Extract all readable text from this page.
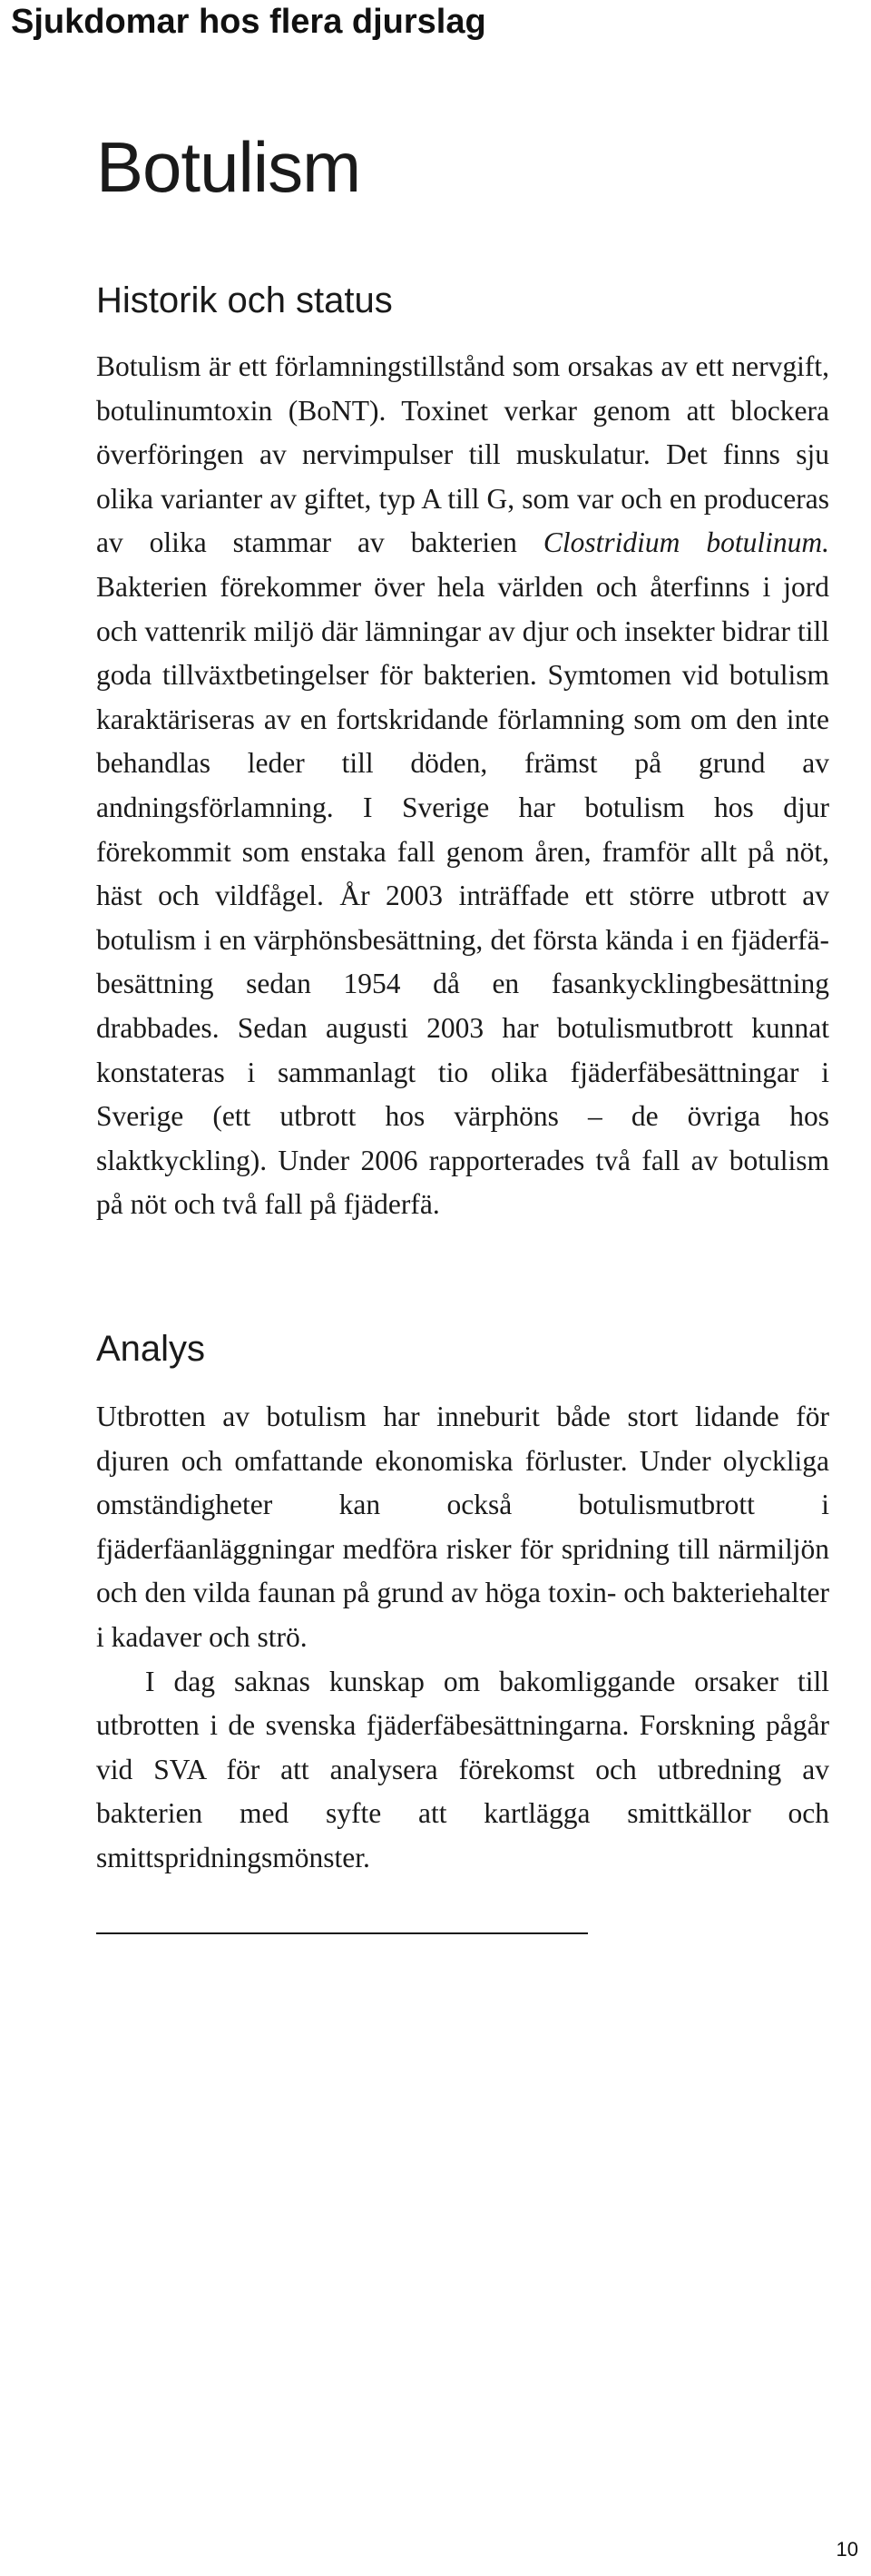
Sjukdomar hos flera djurslag
Botulism
Historik och status

Botulism är ett förlamningstillstånd som orsakas av ett nervgift, botulinumtoxin (BoNT). Toxinet verkar genom att blockera överföringen av nervimpulser till muskulatur. Det finns sju olika varianter av giftet, typ A till G, som var och en produceras av olika stammar av bakterien Clostridium botulinum. Bakterien förekommer över hela världen och återfinns i jord och vattenrik miljö där lämningar av djur och insekter bidrar till goda tillväxtbetingelser för bakterien. Symtomen vid botulism karaktäriseras av en fortskridande förlamning som om den inte behandlas leder till döden, främst på grund av andningsförlamning. I Sverige har botulism hos djur förekommit som enstaka fall genom åren, framför allt på nöt, häst och vildfågel. År 2003 inträffade ett större utbrott av botulism i en värphönsbesättning, det första kända i en fjäderfäbesättning sedan 1954 då en fasankycklingbesättning drabbades. Sedan augusti 2003 har botulismutbrott kunnat konstateras i sammanlagt tio olika fjäderfäbesättningar i Sverige (ett utbrott hos värphöns – de övriga hos slaktkyckling). Under 2006 rapporterades två fall av botulism på nöt och två fall på fjäderfä.

Analys
Utbrotten av botulism har inneburit både stort lidande för djuren och omfattande ekonomiska förluster. Under olyckliga omständigheter kan också botulismutbrott i fjäderfäanläggningar medföra risker för spridning till närmiljön och den vilda faunan på grund av höga toxin- och bakteriehalter i kadaver och strö.
I dag saknas kunskap om bakomliggande orsaker till utbrotten i de svenska fjäderfäbesättningarna. Forskning pågår vid SVA för att analysera förekomst och utbredning av bakterien med syfte att kartlägga smittkällor och smittspridningsmönster.
10
